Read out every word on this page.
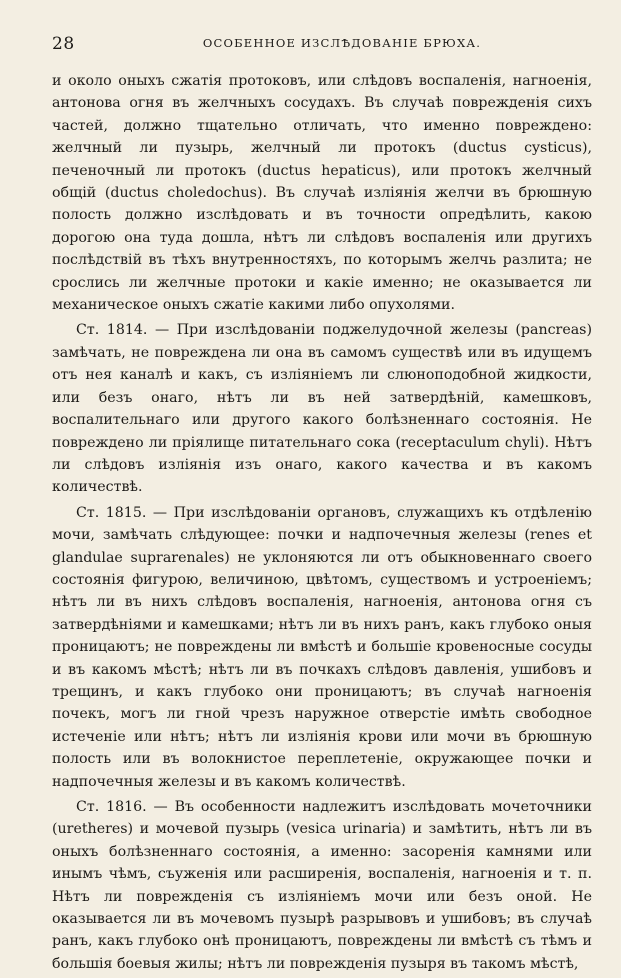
28	ОСОБЕННОЕ ИЗСЛѢДОВАНІЕ БРЮХА.

и около оныхъ сжатія протоковъ, или слѣдовъ воспаленія, нагноенія, антонова огня въ желчныхъ сосудахъ. Въ случаѣ поврежденія сихъ частей, должно тщательно отличать, что именно повреждено: желчный ли пузырь, желчный ли протокъ (ductus cysticus), печеночный ли протокъ (ductus hepaticus), или протокъ желчный общій (ductus choledochus). Въ случаѣ изліянія желчи въ брюшную полость должно изслѣдовать и въ точности опредѣлить, какою дорогою она туда дошла, нѣтъ ли слѣдовъ воспаленія или другихъ послѣдствій въ тѣхъ внутренностяхъ, по которымъ желчь разлита; не срослись ли желчные протоки и какіе именно; не оказывается ли механическое оныхъ сжатіе какими либо опухолями.

Ст. 1814. — При изслѣдованіи поджелудочной железы (pancreas) замѣчать, не повреждена ли она въ самомъ существѣ или въ идущемъ отъ нея каналѣ и какъ, съ изліяніемъ ли слюноподобной жидкости, или безъ онаго, нѣтъ ли въ ней затвердѣній, камешковъ, воспалительнаго или другого какого болѣзненнаго состоянія. Не повреждено ли пріялище питательнаго сока (receptaculum chyli). Нѣтъ ли слѣдовъ изліянія изъ онаго, какого качества и въ какомъ количествѣ.

Ст. 1815. — При изслѣдованіи органовъ, служащихъ къ отдѣленію мочи, замѣчать слѣдующее: почки и надпочечныя железы (renes et glandulae suprarenales) не уклоняются ли отъ обыкновеннаго своего состоянія фигурою, величиною, цвѣтомъ, существомъ и устроеніемъ; нѣтъ ли въ нихъ слѣдовъ воспаленія, нагноенія, антонова огня съ затвердѣніями и камешками; нѣтъ ли въ нихъ ранъ, какъ глубоко оныя проницаютъ; не повреждены ли вмѣстѣ и большіе кровеносные сосуды и въ какомъ мѣстѣ; нѣтъ ли въ почкахъ слѣдовъ давленія, ушибовъ и трещинъ, и какъ глубоко они проницаютъ; въ случаѣ нагноенія почекъ, могъ ли гной чрезъ наружное отверстіе имѣть свободное истеченіе или нѣтъ; нѣтъ ли изліянія крови или мочи въ брюшную полость или въ волокнистое переплетеніе, окружающее почки и надпочечныя железы и въ какомъ количествѣ.

Ст. 1816. — Въ особенности надлежитъ изслѣдовать мочеточники (uretheres) и мочевой пузырь (vesica urinaria) и замѣтить, нѣтъ ли въ оныхъ болѣзненнаго состоянія, а именно: засоренія камнями или инымъ чѣмъ, съуженія или расширенія, воспаленія, нагноенія и т. п. Нѣтъ ли поврежденія съ изліяніемъ мочи или безъ оной. Не оказывается ли въ мочевомъ пузырѣ разрывовъ и ушибовъ; въ случаѣ ранъ, какъ глубоко онѣ проницаютъ, повреждены ли вмѣстѣ съ тѣмъ и большія боевыя жилы; нѣтъ ли поврежденія пузыря въ такомъ мѣстѣ,
